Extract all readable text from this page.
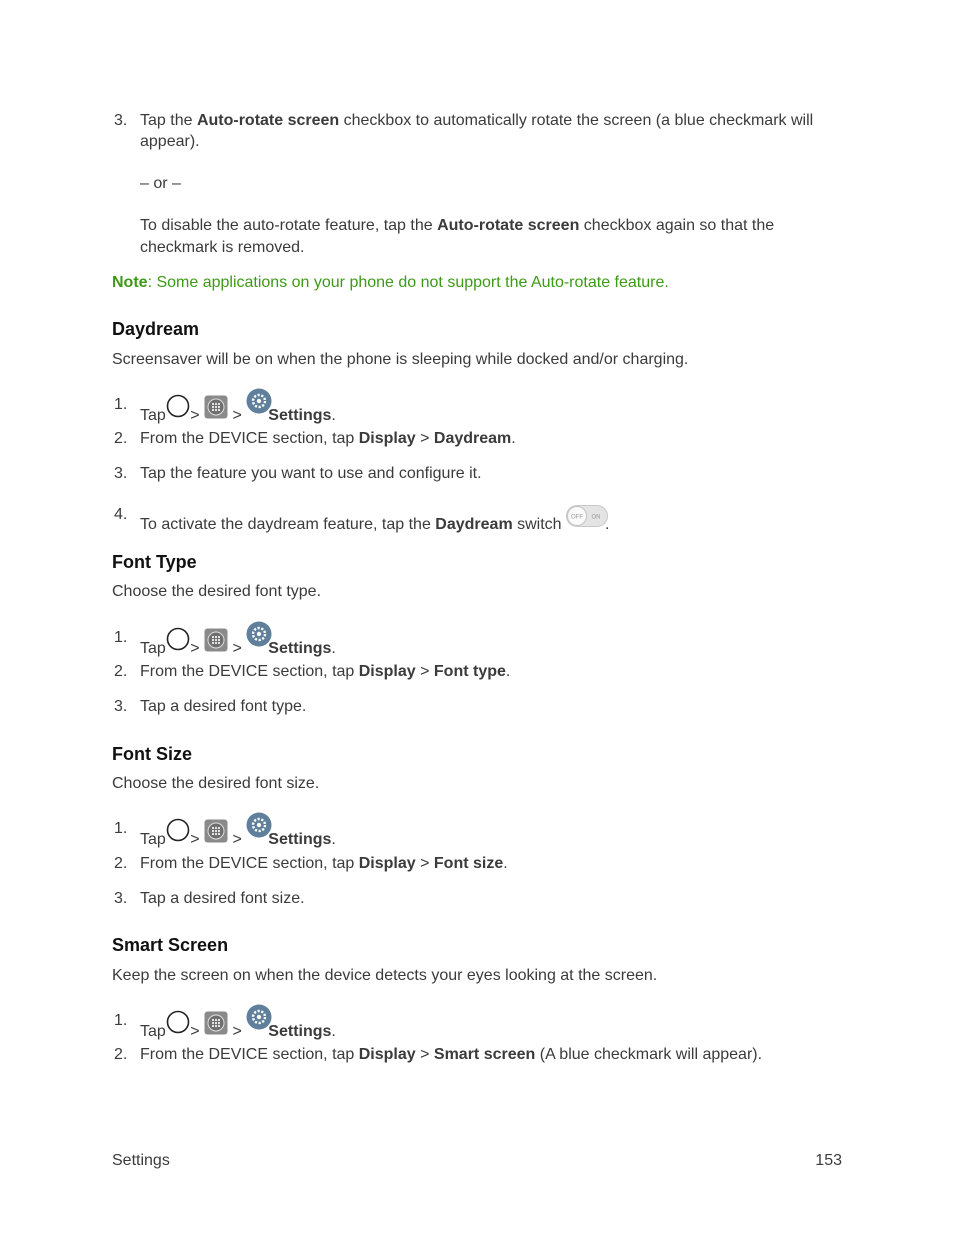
3. Tap the Auto-rotate screen checkbox to automatically rotate the screen (a blue checkmark will
appear).
– or –
To disable the auto-rotate feature, tap the Auto-rotate screen checkbox again so that the
checkmark is removed.
Note: Some applications on your phone do not support the Auto-rotate feature.
Daydream
Screensaver will be on when the phone is sleeping while docked and/or charging.
1.
Tap > > Settings.
2. From the DEVICE section, tap Display > Daydream.
3. Tap the feature you want to use and configure it.
4.
To activate the daydream feature, tap the Daydream switch OFF ON .
Font Type
Choose the desired font type.
1.
Tap > > Settings.
2. From the DEVICE section, tap Display > Font type.
3. Tap a desired font type.
Font Size
Choose the desired font size.
1.
Tap > > Settings.
2. From the DEVICE section, tap Display > Font size.
3. Tap a desired font size.
Smart Screen
Keep the screen on when the device detects your eyes looking at the screen.
1.
Tap > > Settings.
2. From the DEVICE section, tap Display > Smart screen (A blue checkmark will appear).
Settings	153
